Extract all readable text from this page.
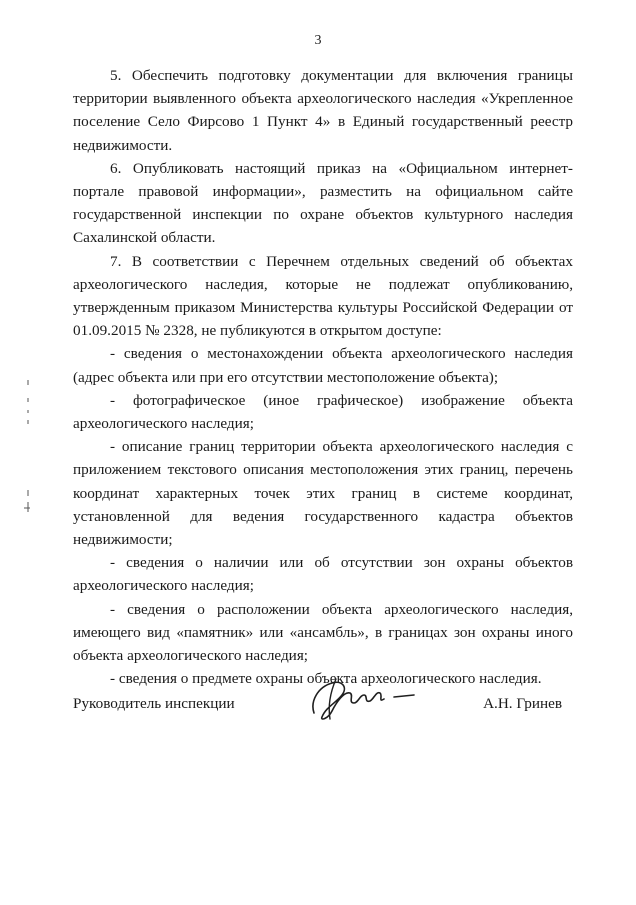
3

5. Обеспечить подготовку документации для включения границы территории выявленного объекта археологического наследия «Укрепленное поселение Село Фирсово 1 Пункт 4» в Единый государственный реестр недвижимости.

6. Опубликовать настоящий приказ на «Официальном интернет-портале правовой информации», разместить на официальном сайте государственной инспекции по охране объектов культурного наследия Сахалинской области.

7. В соответствии с Перечнем отдельных сведений об объектах археологического наследия, которые не подлежат опубликованию, утвержденным приказом Министерства культуры Российской Федерации от 01.09.2015 № 2328, не публикуются в открытом доступе:

- сведения о местонахождении объекта археологического наследия (адрес объекта или при его отсутствии местоположение объекта);

- фотографическое (иное графическое) изображение объекта археологического наследия;

- описание границ территории объекта археологического наследия с приложением текстового описания местоположения этих границ, перечень координат характерных точек этих границ в системе координат, установленной для ведения государственного кадастра объектов недвижимости;

- сведения о наличии или об отсутствии зон охраны объектов археологического наследия;

- сведения о расположении объекта археологического наследия, имеющего вид «памятник» или «ансамбль», в границах зон охраны иного объекта археологического наследия;

- сведения о предмете охраны объекта археологического наследия.

Руководитель инспекции	А.Н. Гринев
